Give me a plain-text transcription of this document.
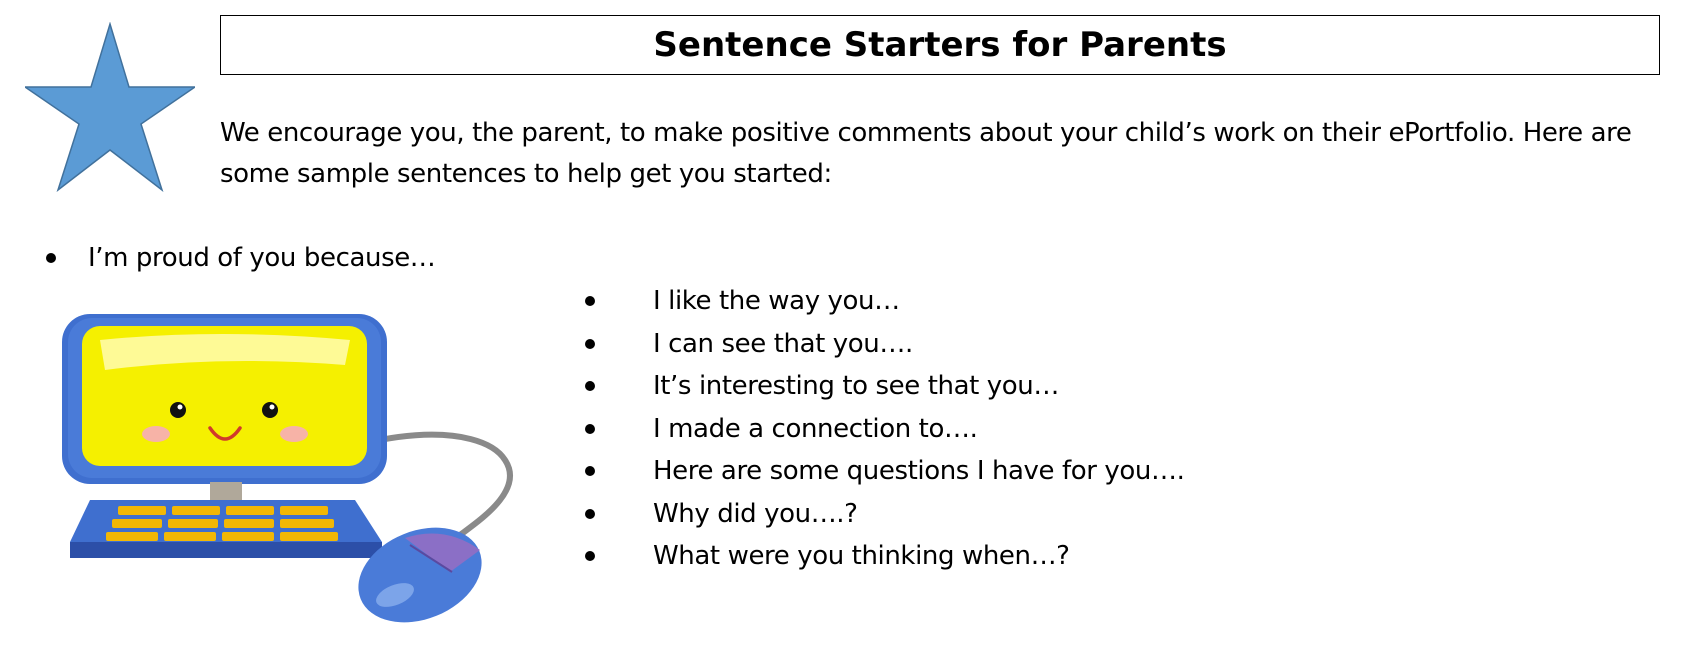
Sentence Starters for Parents
We encourage you, the parent, to make positive comments about your child’s work on their ePortfolio. Here are some sample sentences to help get you started:
I’m proud of you because…
I like the way you…
I can see that you….
It’s interesting to see that you…
I made a connection to….
Here are some questions I have for you….
Why did you….?
What were you thinking when…?
